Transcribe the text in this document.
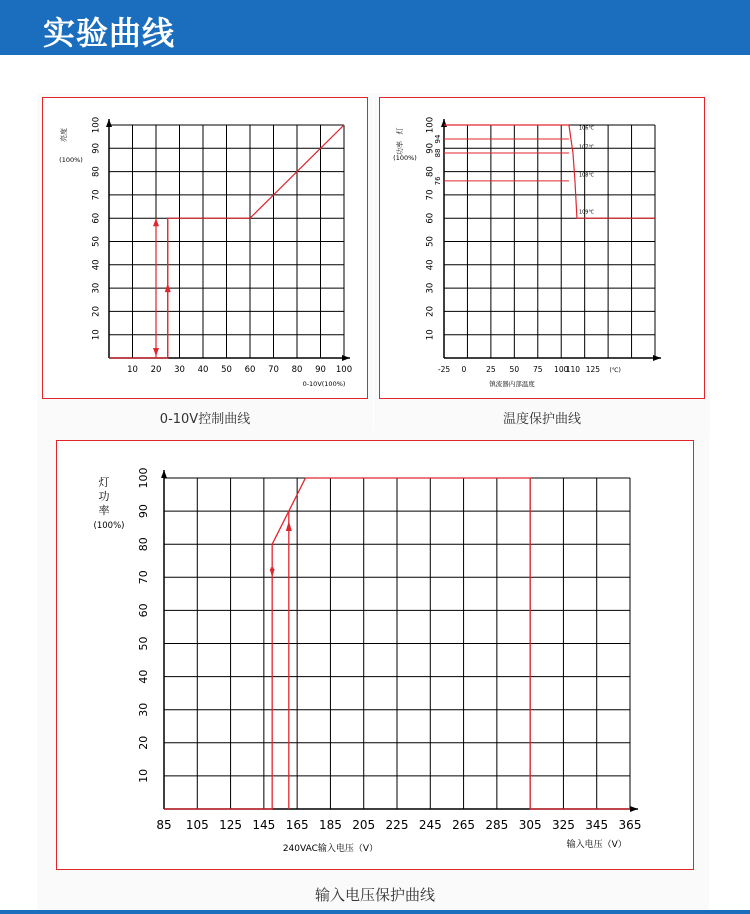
实验曲线
10 20 30 40 50 60 70 80 90 100
10
20
30
40
50
60
70
80
90
100
0-10V(100%)
亮度
(100%)
0-10V控制曲线
-25 0	25 50 75 100
110 125 (℃)
镇流器内部温度
10
20
30
40
50
60
70
80
90
100
94
88
76
灯
功率
(100%)
106℃
107℃
108℃
109℃
温度保护曲线
85 105 125 145 165 185 205 225 245 265 285 305 325 345 365
10
20
30
40
50
60
70
80
90
100
240VAC输入电压（V）	输入电压（V）
灯
功
率
(100%)
输入电压保护曲线
